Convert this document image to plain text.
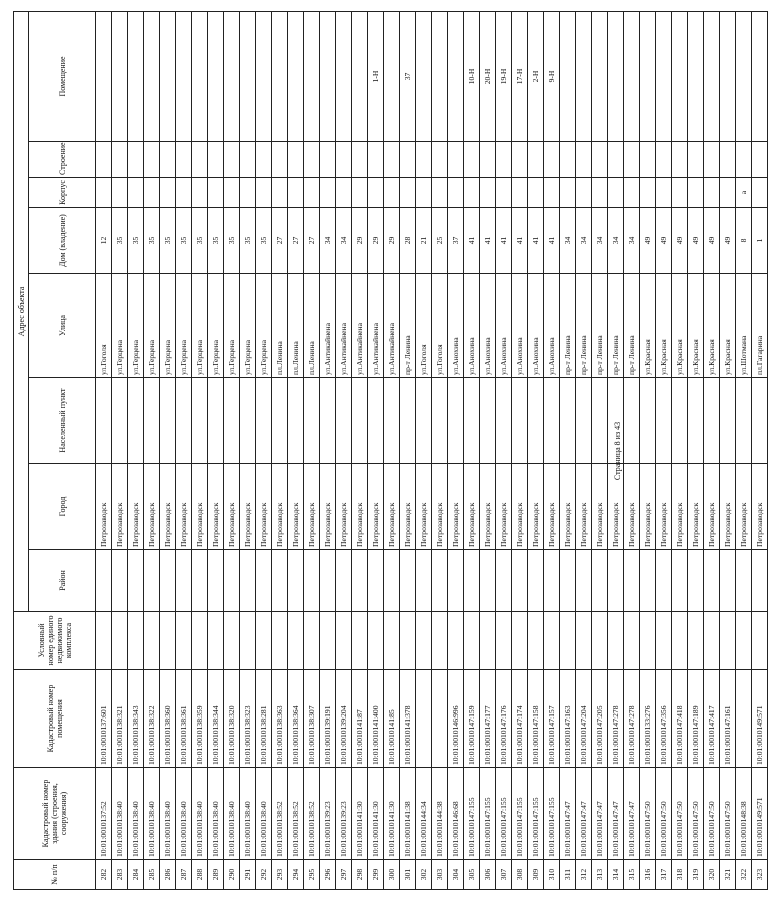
№ п/п	Кадастровый номер здания (строения, сооружения)	Кадастровый номер помещения	Условный номер единого недвижимого комплекса	Адрес объекта							
				Район	Город	Населенный пункт	Улица	Дом (владение)	Корпус	Строение	Помещение
282	10:01:0010137:52	10:01:0010137:601			Петрозаводск		ул.Гоголя	12			
283	10:01:0010138:40	10:01:0010138:321			Петрозаводск		ул.Герцена	35			
284	10:01:0010138:40	10:01:0010138:343			Петрозаводск		ул.Герцена	35			
285	10:01:0010138:40	10:01:0010138:322			Петрозаводск		ул.Герцена	35			
286	10:01:0010138:40	10:01:0010138:360			Петрозаводск		ул.Герцена	35			
287	10:01:0010138:40	10:01:0010138:361			Петрозаводск		ул.Герцена	35			
288	10:01:0010138:40	10:01:0010138:359			Петрозаводск		ул.Герцена	35			
289	10:01:0010138:40	10:01:0010138:344			Петрозаводск		ул.Герцена	35			
290	10:01:0010138:40	10:01:0010138:320			Петрозаводск		ул.Герцена	35			
291	10:01:0010138:40	10:01:0010138:323			Петрозаводск		ул.Герцена	35			
292	10:01:0010138:40	10:01:0010138:281			Петрозаводск		ул.Герцена	35			
293	10:01:0010138:52	10:01:0010138:363			Петрозаводск		пл.Ленина	27			
294	10:01:0010138:52	10:01:0010138:364			Петрозаводск		пл.Ленина	27			
295	10:01:0010138:52	10:01:0010138:307			Петрозаводск		пл.Ленина	27			
296	10:01:0010139:23	10:01:0010139:191			Петрозаводск		ул.Антикайнена	34			
297	10:01:0010139:23	10:01:0010139:204			Петрозаводск		ул.Антикайнена	34			
298	10:01:0010141:30	10:01:0010141:87			Петрозаводск		ул.Антикайнена	29			
299	10:01:0010141:30	10:01:0010141:400			Петрозаводск		ул.Антикайнена	29			1-Н
300	10:01:0010141:30	10:01:0010141:85			Петрозаводск		ул.Антикайнена	29			
301	10:01:0010141:38	10:01:0010141:378			Петрозаводск		пр-т Ленина	28			37
302	10:01:0010144:34				Петрозаводск		ул.Гоголя	21			
303	10:01:0010144:38				Петрозаводск		ул.Гоголя	25			
304	10:01:0010146:68	10:01:0010146:996			Петрозаводск		ул.Анохина	37			
305	10:01:0010147:155	10:01:0010147:159			Петрозаводск		ул.Анохина	41			10-Н
306	10:01:0010147:155	10:01:0010147:177			Петрозаводск		ул.Анохина	41			20-Н
307	10:01:0010147:155	10:01:0010147:176			Петрозаводск		ул.Анохина	41			19-Н
308	10:01:0010147:155	10:01:0010147:174			Петрозаводск		ул.Анохина	41			17-Н
309	10:01:0010147:155	10:01:0010147:158			Петрозаводск		ул.Анохина	41			2-Н
310	10:01:0010147:155	10:01:0010147:157			Петрозаводск		ул.Анохина	41			9-Н
311	10:01:0010147:47	10:01:0010147:163			Петрозаводск		пр-т Ленина	34			
312	10:01:0010147:47	10:01:0010147:204			Петрозаводск		пр-т Ленина	34			
313	10:01:0010147:47	10:01:0010147:205			Петрозаводск		пр-т Ленина	34			
314	10:01:0010147:47	10:01:0010147:278			Петрозаводск		пр-т Ленина	34			
315	10:01:0010147:47	10:01:0010147:278			Петрозаводск		пр-т Ленина	34			
316	10:01:0010147:50	10:01:0010133:276			Петрозаводск		ул.Красная	49			
317	10:01:0010147:50	10:01:0010147:356			Петрозаводск		ул.Красная	49			
318	10:01:0010147:50	10:01:0010147:418			Петрозаводск		ул.Красная	49			
319	10:01:0010147:50	10:01:0010147:189			Петрозаводск		ул.Красная	49			
320	10:01:0010147:50	10:01:0010147:417			Петрозаводск		ул.Красная	49			
321	10:01:0010147:50	10:01:0010147:161			Петрозаводск		ул.Красная	49			
322	10:01:0010148:38				Петрозаводск		ул.Шотмана	8	а		
323	10:01:0010149:571	10:01:0010149:571			Петрозаводск		пл.Гагарина	1			
Страница 8 из 43
